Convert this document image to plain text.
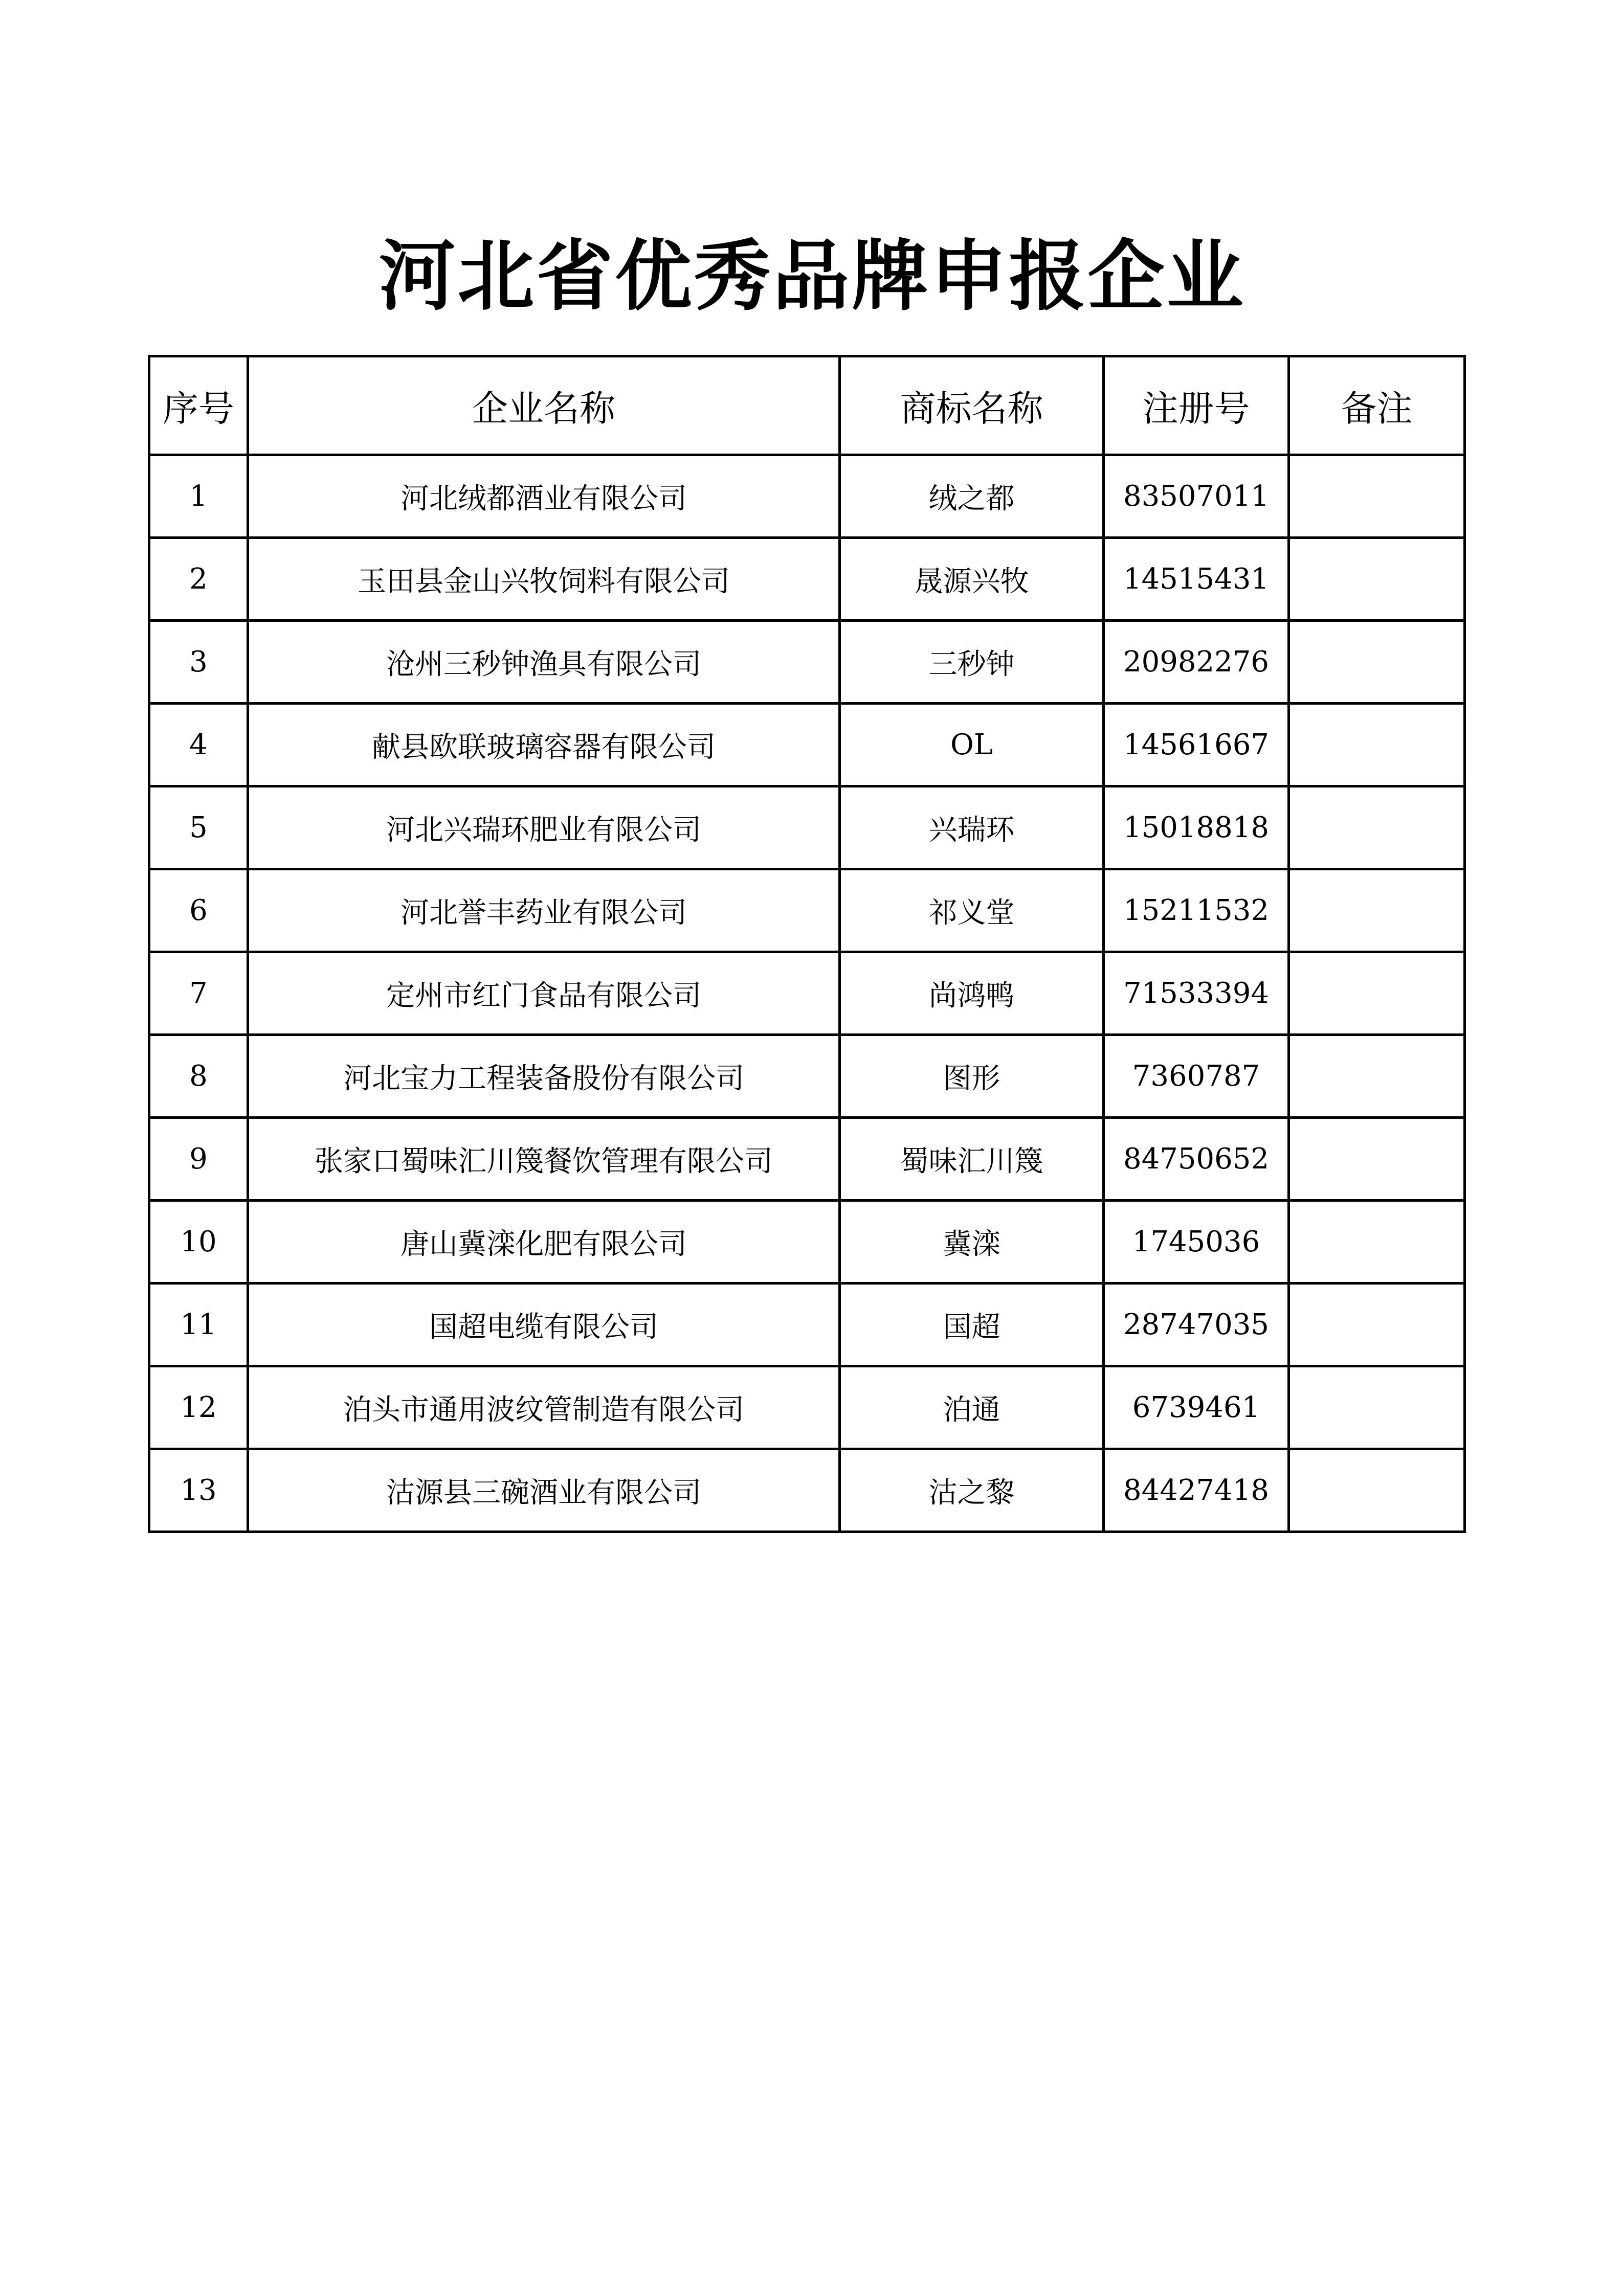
河北省优秀品牌申报企业
序号	企业名称	商标名称	注册号	备注
1	河北绒都酒业有限公司	绒之都	83507011	
2	玉田县金山兴牧饲料有限公司	晟源兴牧	14515431	
3	沧州三秒钟渔具有限公司	三秒钟	20982276	
4	献县欧联玻璃容器有限公司	OL	14561667	
5	河北兴瑞环肥业有限公司	兴瑞环	15018818	
6	河北誉丰药业有限公司	祁义堂	15211532	
7	定州市红门食品有限公司	尚鸿鸭	71533394	
8	河北宝力工程装备股份有限公司	图形	7360787	
9	张家口蜀味汇川篾餐饮管理有限公司	蜀味汇川篾	84750652	
10	唐山冀滦化肥有限公司	冀滦	1745036	
11	国超电缆有限公司	国超	28747035	
12	泊头市通用波纹管制造有限公司	泊通	6739461	
13	沽源县三碗酒业有限公司	沽之黎	84427418	
